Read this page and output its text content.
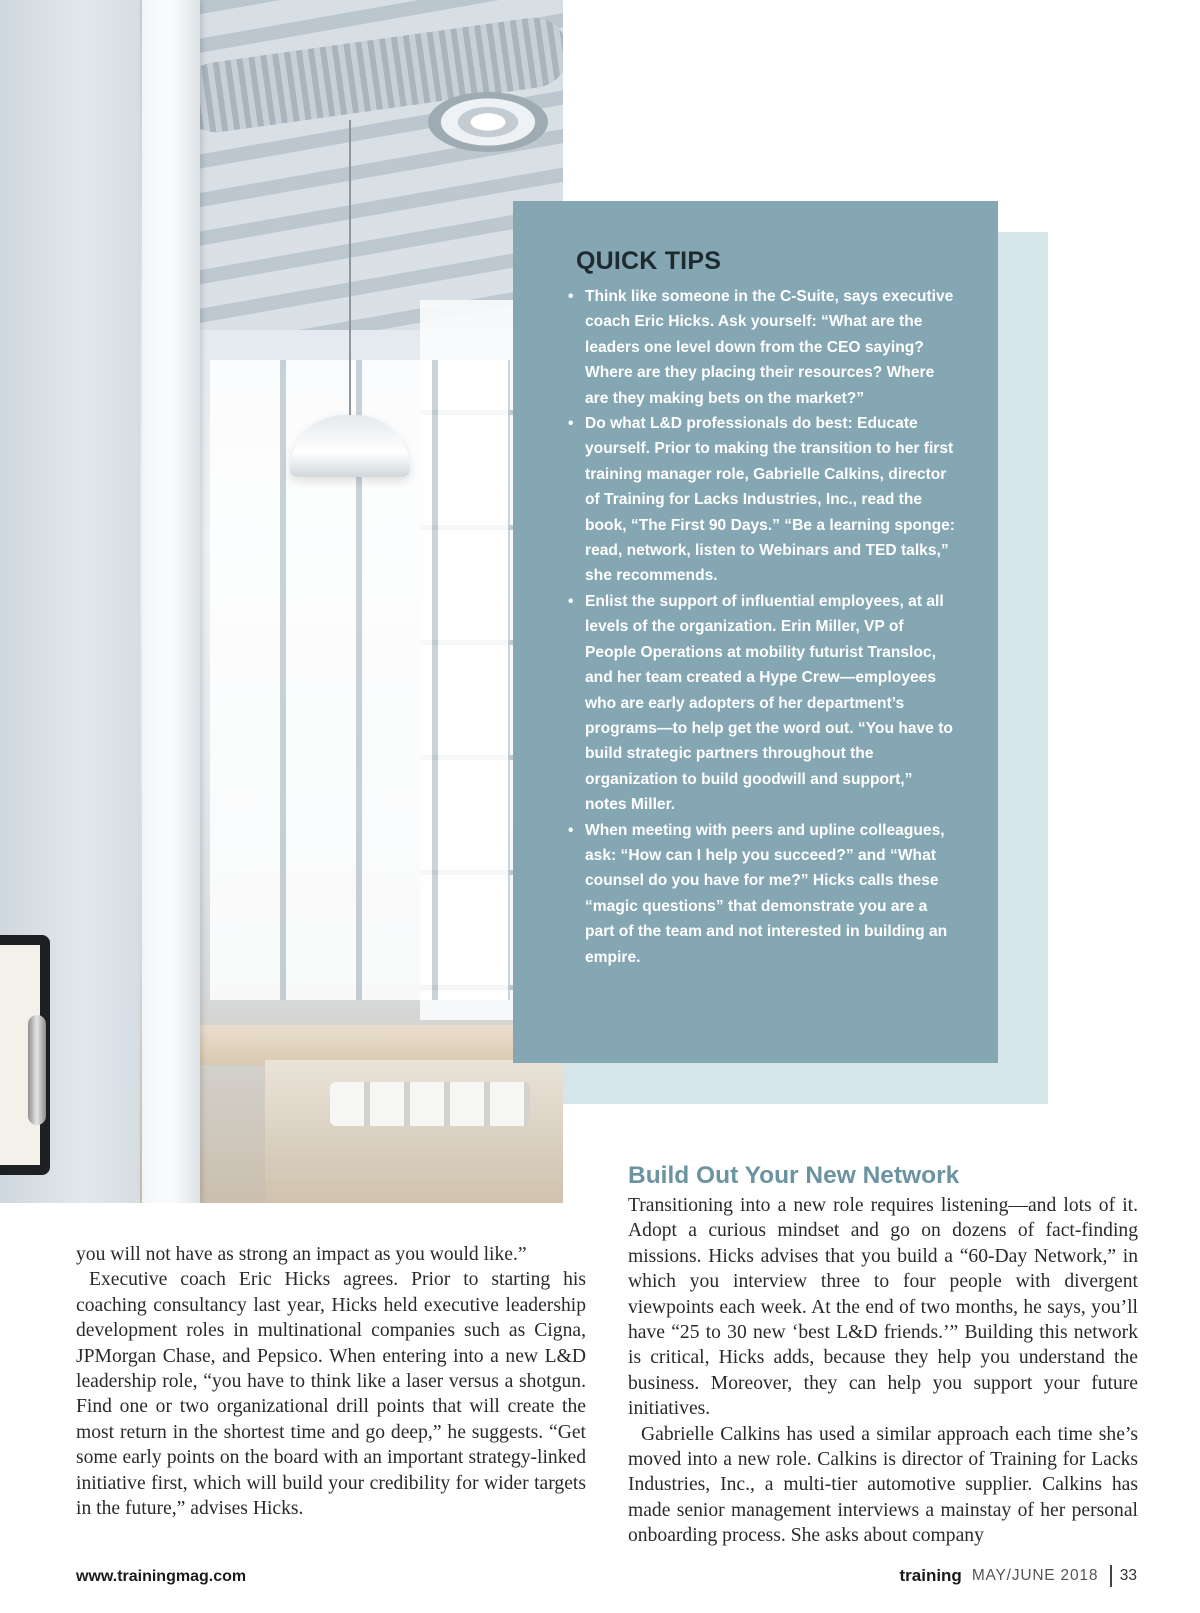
QUICK TIPS
• Think like someone in the C-Suite, says executive coach Eric Hicks. Ask yourself: “What are the leaders one level down from the CEO saying? Where are they placing their resources? Where are they making bets on the market?”
• Do what L&D professionals do best: Educate yourself. Prior to making the transition to her first training manager role, Gabrielle Calkins, director of Training for Lacks Industries, Inc., read the book, “The First 90 Days.” “Be a learning sponge: read, network, listen to Webinars and TED talks,” she recommends.
• Enlist the support of influential employees, at all levels of the organization. Erin Miller, VP of People Operations at mobility futurist Transloc, and her team created a Hype Crew—employees who are early adopters of her department’s programs—to help get the word out. “You have to build strategic partners throughout the organization to build goodwill and support,” notes Miller.
• When meeting with peers and upline colleagues, ask: “How can I help you succeed?” and “What counsel do you have for me?” Hicks calls these “magic questions” that demonstrate you are a part of the team and not interested in building an empire.
Build Out Your New Network

you will not have as strong an impact as you would like.”

Executive coach Eric Hicks agrees. Prior to starting his coaching consultancy last year, Hicks held executive leadership development roles in multinational companies such as Cigna, JPMorgan Chase, and Pepsico. When entering into a new L&D leadership role, “you have to think like a laser versus a shotgun. Find one or two organizational drill points that will create the most return in the shortest time and go deep,” he suggests. “Get some early points on the board with an important strategy-linked initiative first, which will build your credibility for wider targets in the future,” advises Hicks.

Transitioning into a new role requires listening—and lots of it. Adopt a curious mindset and go on dozens of fact-finding missions. Hicks advises that you build a “60-Day Network,” in which you interview three to four people with divergent viewpoints each week. At the end of two months, he says, you’ll have “25 to 30 new ‘best L&D friends.’” Building this network is critical, Hicks adds, because they help you understand the business. Moreover, they can help you support your future initiatives.

Gabrielle Calkins has used a similar approach each time she’s moved into a new role. Calkins is director of Training for Lacks Industries, Inc., a multi-tier automotive supplier. Calkins has made senior management interviews a mainstay of her personal onboarding process. She asks about company

www.trainingmag.com	training MAY/JUNE 2018 33
